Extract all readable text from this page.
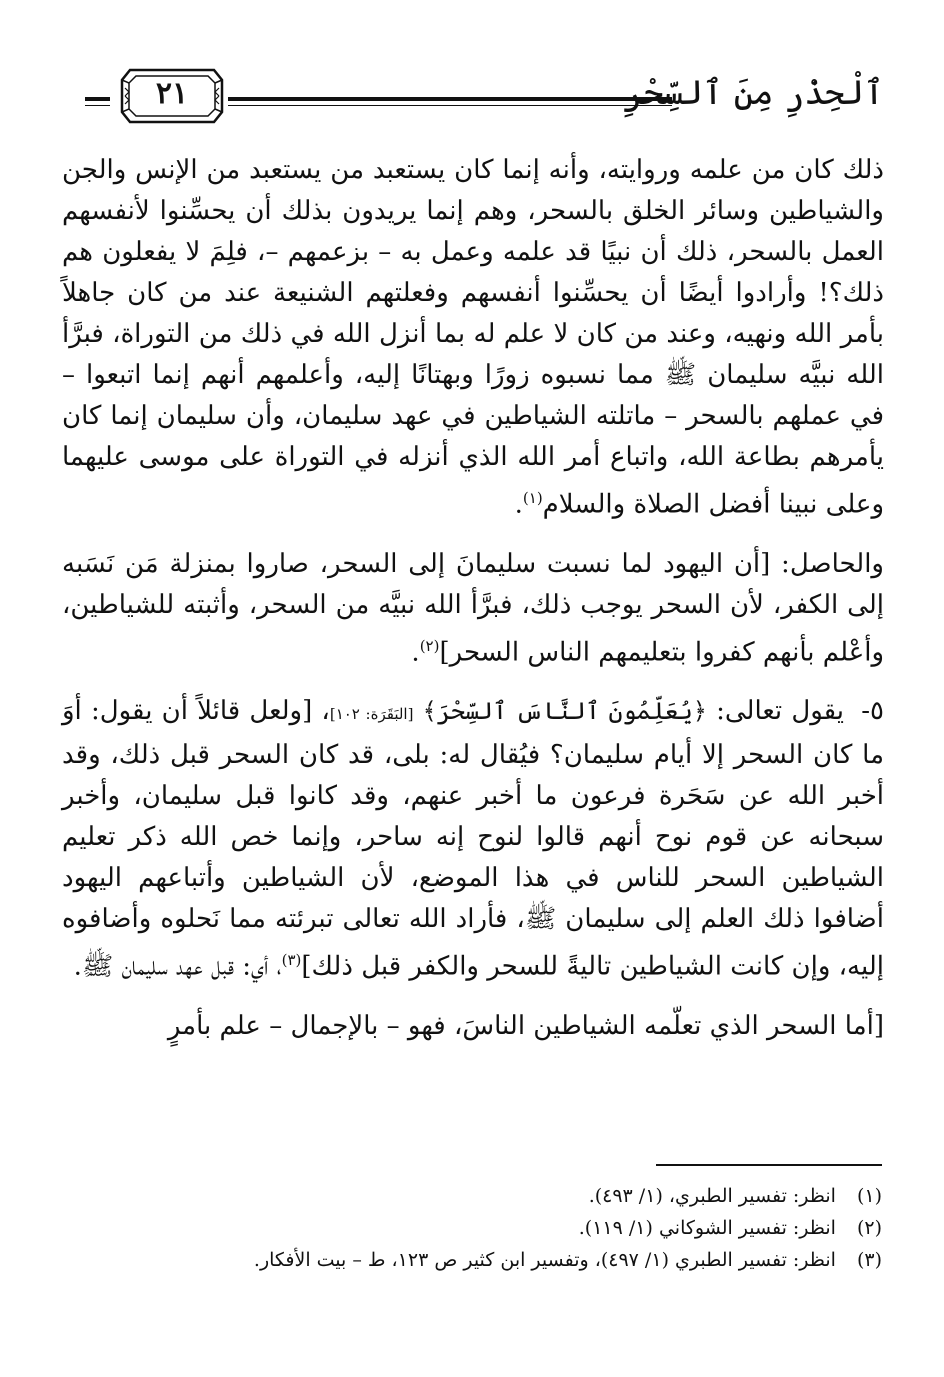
ٱلْحِذْرِ مِنَ ٱلسِّحْرِ
٢١

ذلك كان من علمه وروايته، وأنه إنما كان يستعبد من يستعبد من الإنس والجن والشياطين وسائر الخلق بالسحر، وهم إنما يريدون بذلك أن يحسِّنوا لأنفسهم العمل بالسحر، ذلك أن نبيًا قد علمه وعمل به – بزعمهم –، فلِمَ لا يفعلون هم ذلك؟! وأرادوا أيضًا أن يحسِّنوا أنفسهم وفعلتهم الشنيعة عند من كان جاهلاً بأمر الله ونهيه، وعند من كان لا علم له بما أنزل الله في ذلك من التوراة، فبرَّأ الله نبيَّه سليمان ﷺ مما نسبوه زورًا وبهتانًا إليه، وأعلمهم أنهم إنما اتبعوا – في عملهم بالسحر – ماتلته الشياطين في عهد سليمان، وأن سليمان إنما كان يأمرهم بطاعة الله، واتباع أمر الله الذي أنزله في التوراة على موسى عليهما وعلى نبينا أفضل الصلاة والسلام$^{(١)}$.

والحاصل: [أن اليهود لما نسبت سليمانَ إلى السحر، صاروا بمنزلة مَن نَسَبه إلى الكفر، لأن السحر يوجب ذلك، فبرَّأ الله نبيَّه من السحر، وأثبته للشياطين، وأعْلم بأنهم كفروا بتعليمهم الناس السحر]$^{(٢)}$.

٥- يقول تعالى: ﴿يُعَلِّمُونَ ٱلنَّاسَ ٱلسِّحْرَ﴾ [البَقَرَة: ١٠٢]، [ولعل قائلاً أن يقول: أوَ ما كان السحر إلا أيام سليمان؟ فيُقال له: بلى، قد كان السحر قبل ذلك، وقد أخبر الله عن سَحَرة فرعون ما أخبر عنهم، وقد كانوا قبل سليمان، وأخبر سبحانه عن قوم نوح أنهم قالوا لنوح إنه ساحر، وإنما خص الله ذكر تعليم الشياطين السحر للناس في هذا الموضع، لأن الشياطين وأتباعهم اليهود أضافوا ذلك العلم إلى سليمان ﷺ، فأراد الله تعالى تبرئته مما نَحلوه وأضافوه إليه، وإن كانت الشياطين تاليةً للسحر والكفر قبل ذلك]$^{(٣)}$، أي: قبل عهد سليمان ﷺ.

[أما السحر الذي تعلّمه الشياطين الناسَ، فهو – بالإجمال – علم بأمرٍ

(١) انظر: تفسير الطبري، (١/ ٤٩٣).

(٢) انظر: تفسير الشوكاني (١/ ١١٩).

(٣) انظر: تفسير الطبري (١/ ٤٩٧)، وتفسير ابن كثير ص ١٢٣، ط – بيت الأفكار.
